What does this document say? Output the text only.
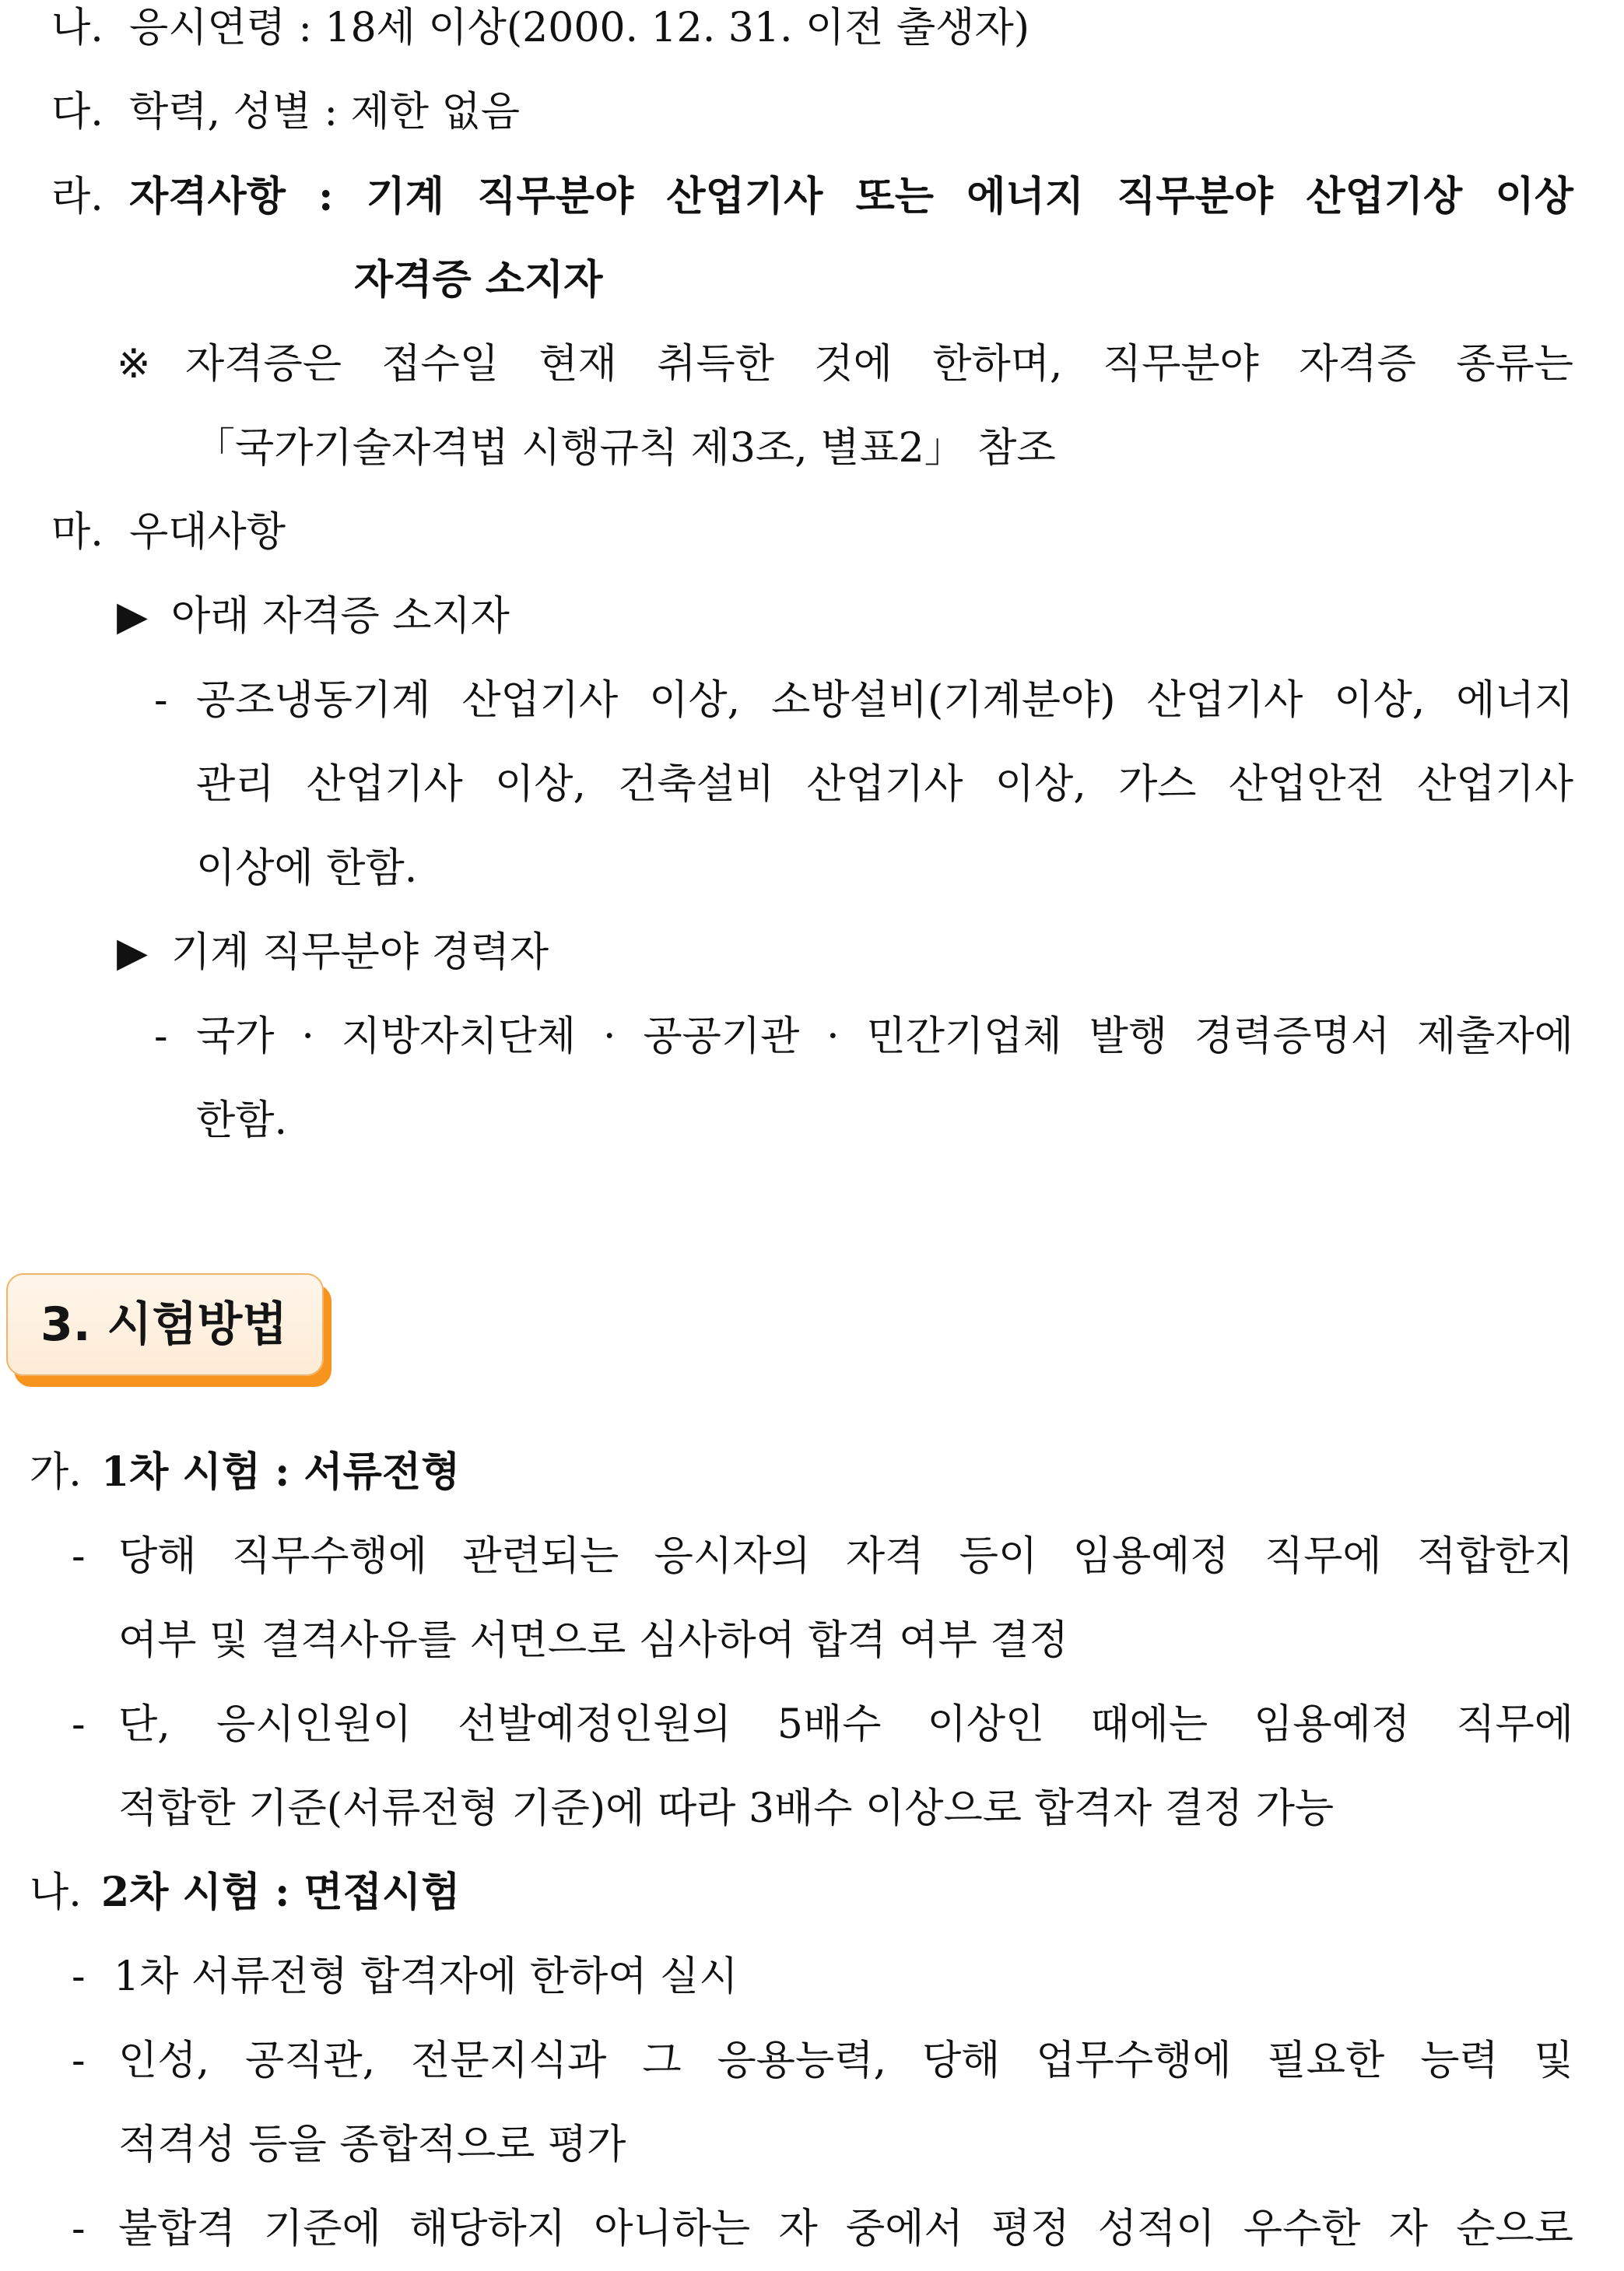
나. 응시연령 : 18세 이상(2000. 12. 31. 이전 출생자)
다. 학력, 성별 : 제한 없음
라. 자격사항 : 기계 직무분야 산업기사 또는 에너지 직무분야 산업기상 이상
자격증 소지자
※ 자격증은 접수일 현재 취득한 것에 한하며, 직무분야 자격증 종류는
「국가기술자격법 시행규칙 제3조, 별표2」 참조
마. 우대사항
▶ 아래 자격증 소지자
- 공조냉동기계 산업기사 이상, 소방설비(기계분야) 산업기사 이상, 에너지
관리 산업기사 이상, 건축설비 산업기사 이상, 가스 산업안전 산업기사
이상에 한함.
▶ 기계 직무분야 경력자
- 국가 · 지방자치단체 · 공공기관 · 민간기업체 발행 경력증명서 제출자에
한함.
가. 1차 시험 : 서류전형
- 당해 직무수행에 관련되는 응시자의 자격 등이 임용예정 직무에 적합한지
여부 및 결격사유를 서면으로 심사하여 합격 여부 결정
- 단, 응시인원이 선발예정인원의 5배수 이상인 때에는 임용예정 직무에
적합한 기준(서류전형 기준)에 따라 3배수 이상으로 합격자 결정 가능
나. 2차 시험 : 면접시험
- 1차 서류전형 합격자에 한하여 실시
- 인성, 공직관, 전문지식과 그 응용능력, 당해 업무수행에 필요한 능력 및
적격성 등을 종합적으로 평가
- 불합격 기준에 해당하지 아니하는 자 중에서 평정 성적이 우수한 자 순으로
3. 시험방법
